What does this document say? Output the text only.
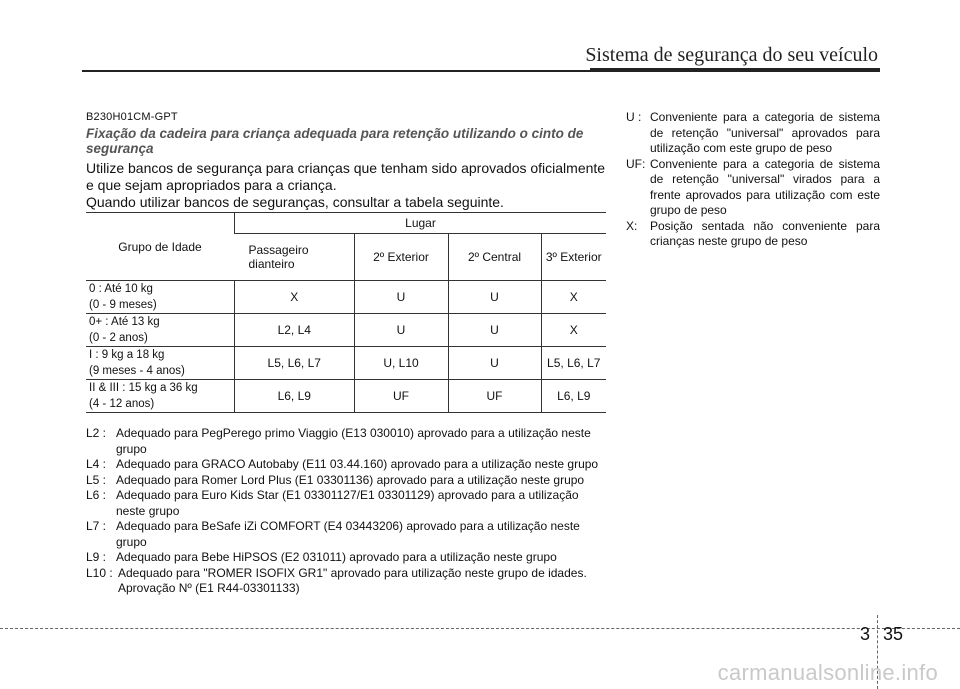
Sistema de segurança do seu veículo
B230H01CM-GPT
Fixação da cadeira para criança adequada para retenção utilizando o cinto de segurança

Utilize bancos de segurança para crianças que tenham sido aprovados oficialmente e que sejam apropriados para a criança.

Quando utilizar bancos de seguranças, consultar a tabela seguinte.

Grupo de Idade	Lugar			
	Passageiro dianteiro	2º Exterior	2º Central	3º Exterior

0 : Até 10 kg
(0 - 9 meses)	X	U	U	X

0+ : Até 13 kg
(0 - 2 anos)	L2, L4	U	U	X

I : 9 kg a 18 kg
(9 meses - 4 anos)	L5, L6, L7	U, L10	U	L5, L6, L7

II & III : 15 kg a 36 kg
(4 - 12 anos)	L6, L9	UF	UF	L6, L9

L2 : Adequado para PegPerego primo Viaggio (E13 030010) aprovado para a utilização neste grupo

L4 : Adequado para GRACO Autobaby (E11 03.44.160) aprovado para a utilização neste grupo

L5 : Adequado para Romer Lord Plus (E1 03301136) aprovado para a utilização neste grupo

L6 : Adequado para Euro Kids Star (E1 03301127/E1 03301129) aprovado para a utilização neste grupo

L7 : Adequado para BeSafe iZi COMFORT (E4 03443206) aprovado para a utilização neste grupo

L9 : Adequado para Bebe HiPSOS (E2 031011) aprovado para a utilização neste grupo

L10 : Adequado para "ROMER ISOFIX GR1" aprovado para utilização neste grupo de idades. Aprovação Nº (E1 R44-03301133)

U : Conveniente para a categoria de sistema de retenção "universal" aprovados para utilização com este grupo de peso

UF: Conveniente para a categoria de sistema de retenção "universal" virados para a frente aprovados para utilização com este grupo de peso

X: Posição sentada não conveniente para crianças neste grupo de peso

3 35
carmanualsonline.info
